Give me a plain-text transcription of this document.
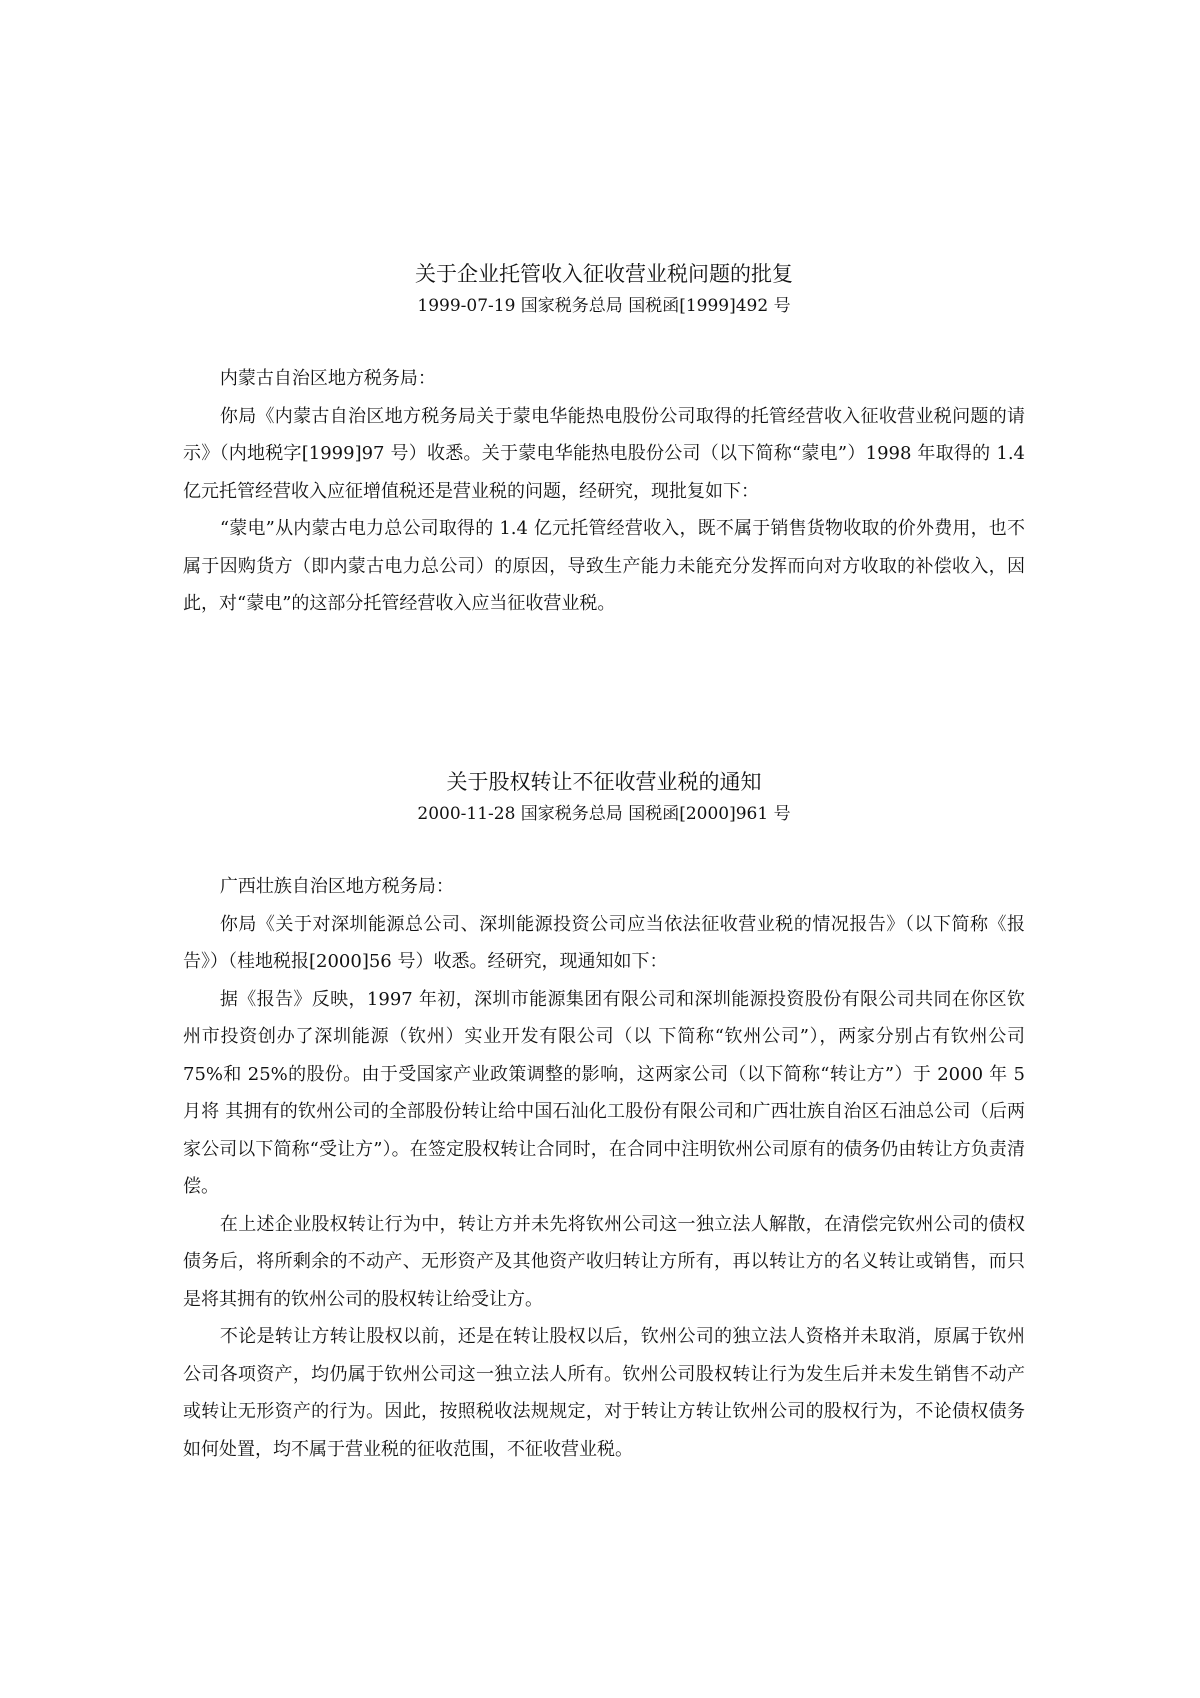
关于企业托管收入征收营业税问题的批复

1999-07-19 国家税务总局 国税函[1999]492 号

内蒙古自治区地方税务局：

你局《内蒙古自治区地方税务局关于蒙电华能热电股份公司取得的托管经营收入征收营业税问题的请示》（内地税字[1999]97 号）收悉。关于蒙电华能热电股份公司（以下简称“蒙电”）1998 年取得的 1.4 亿元托管经营收入应征增值税还是营业税的问题，经研究，现批复如下：

“蒙电”从内蒙古电力总公司取得的 1.4 亿元托管经营收入，既不属于销售货物收取的价外费用，也不属于因购货方（即内蒙古电力总公司）的原因，导致生产能力未能充分发挥而向对方收取的补偿收入，因此，对“蒙电”的这部分托管经营收入应当征收营业税。

关于股权转让不征收营业税的通知

2000-11-28 国家税务总局 国税函[2000]961 号

广西壮族自治区地方税务局：

你局《关于对深圳能源总公司、深圳能源投资公司应当依法征收营业税的情况报告》（以下简称《报告》）（桂地税报[2000]56 号）收悉。经研究，现通知如下：

据《报告》反映，1997 年初，深圳市能源集团有限公司和深圳能源投资股份有限公司共同在你区钦州市投资创办了深圳能源（钦州）实业开发有限公司（以 下简称“钦州公司”），两家分别占有钦州公司 75%和 25%的股份。由于受国家产业政策调整的影响，这两家公司（以下简称“转让方”）于 2000 年 5 月将 其拥有的钦州公司的全部股份转让给中国石汕化工股份有限公司和广西壮族自治区石油总公司（后两家公司以下简称“受让方”）。在签定股权转让合同时，在合同中注明钦州公司原有的债务仍由转让方负责清偿。

在上述企业股权转让行为中，转让方并未先将钦州公司这一独立法人解散，在清偿完钦州公司的债权债务后，将所剩余的不动产、无形资产及其他资产收归转让方所有，再以转让方的名义转让或销售，而只是将其拥有的钦州公司的股权转让给受让方。

不论是转让方转让股权以前，还是在转让股权以后，钦州公司的独立法人资格并未取消，原属于钦州公司各项资产，均仍属于钦州公司这一独立法人所有。钦州公司股权转让行为发生后并未发生销售不动产或转让无形资产的行为。因此，按照税收法规规定，对于转让方转让钦州公司的股权行为，不论债权债务如何处置，均不属于营业税的征收范围，不征收营业税。
